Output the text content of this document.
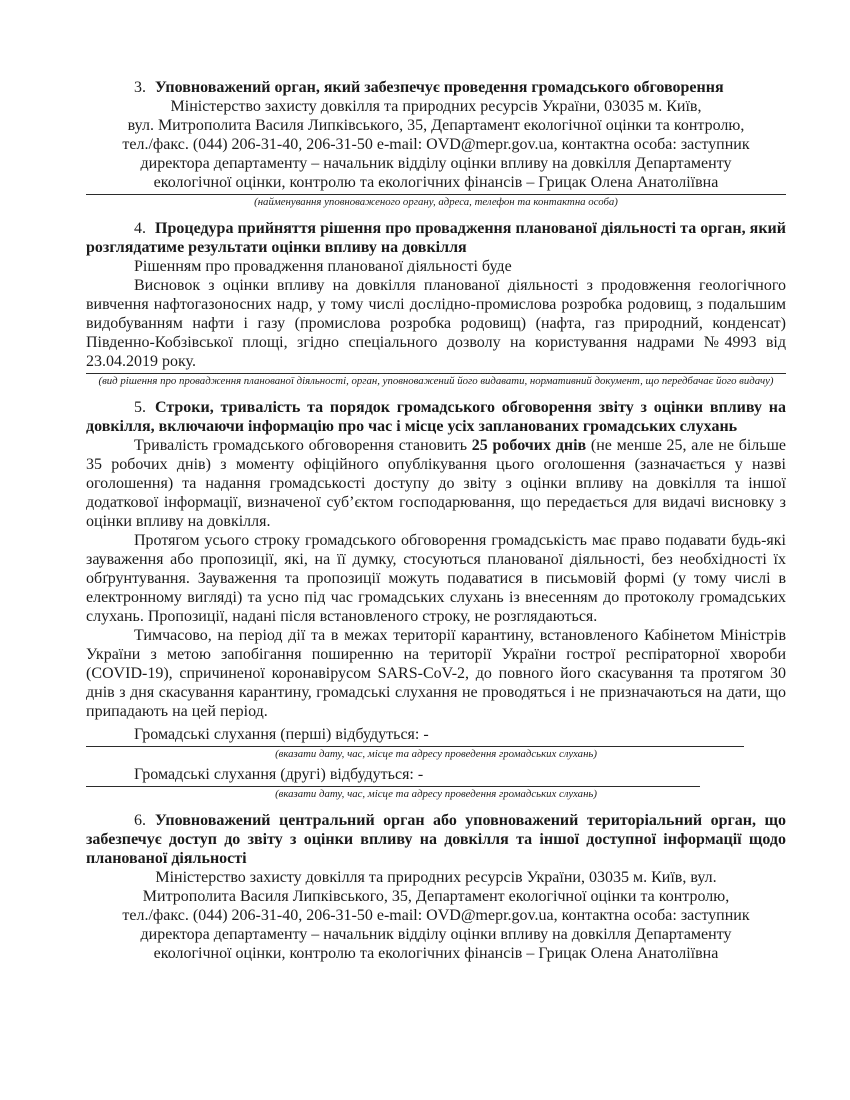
3. Уповноважений орган, який забезпечує проведення громадського обговорення

Міністерство захисту довкілля та природних ресурсів України, 03035 м. Київ,

вул. Митрополита Василя Липківського, 35, Департамент екологічної оцінки та контролю,

тел./факс. (044) 206-31-40, 206-31-50 e-mail: OVD@mepr.gov.ua, контактна особа: заступник

директора департаменту – начальник відділу оцінки впливу на довкілля Департаменту

екологічної оцінки, контролю та екологічних фінансів – Грицак Олена Анатоліївна

(найменування уповноваженого органу, адреса, телефон та контактна особа)

4. Процедура прийняття рішення про провадження планованої діяльності та орган, який розглядатиме результати оцінки впливу на довкілля

Рішенням про провадження планованої діяльності буде

Висновок з оцінки впливу на довкілля планованої діяльності з продовження геологічного вивчення нафтогазоносних надр, у тому числі дослідно-промислова розробка родовищ, з подальшим видобуванням нафти і газу (промислова розробка родовищ) (нафта, газ природний, конденсат) Південно-Кобзівської площі, згідно спеціального дозволу на користування надрами №4993 від 23.04.2019 року.

(вид рішення про провадження планованої діяльності, орган, уповноважений його видавати, нормативний документ, що передбачає його видачу)

5. Строки, тривалість та порядок громадського обговорення звіту з оцінки впливу на довкілля, включаючи інформацію про час і місце усіх запланованих громадських слухань

Тривалість громадського обговорення становить 25 робочих днів (не менше 25, але не більше 35 робочих днів) з моменту офіційного опублікування цього оголошення (зазначається у назві оголошення) та надання громадськості доступу до звіту з оцінки впливу на довкілля та іншої додаткової інформації, визначеної суб’єктом господарювання, що передається для видачі висновку з оцінки впливу на довкілля.

Протягом усього строку громадського обговорення громадськість має право подавати будь-які зауваження або пропозиції, які, на її думку, стосуються планованої діяльності, без необхідності їх обґрунтування. Зауваження та пропозиції можуть подаватися в письмовій формі (у тому числі в електронному вигляді) та усно під час громадських слухань із внесенням до протоколу громадських слухань. Пропозиції, надані після встановленого строку, не розглядаються.

Тимчасово, на період дії та в межах території карантину, встановленого Кабінетом Міністрів України з метою запобігання поширенню на території України гострої респіраторної хвороби (COVID-19), спричиненої коронавірусом SARS-CoV-2, до повного його скасування та протягом 30 днів з дня скасування карантину, громадські слухання не проводяться і не призначаються на дати, що припадають на цей період.

Громадські слухання (перші) відбудуться: -

(вказати дату, час, місце та адресу проведення громадських слухань)

Громадські слухання (другі) відбудуться: -

(вказати дату, час, місце та адресу проведення громадських слухань)

6. Уповноважений центральний орган або уповноважений територіальний орган, що забезпечує доступ до звіту з оцінки впливу на довкілля та іншої доступної інформації щодо планованої діяльності

Міністерство захисту довкілля та природних ресурсів України, 03035 м. Київ, вул.

Митрополита Василя Липківського, 35, Департамент екологічної оцінки та контролю,

тел./факс. (044) 206-31-40, 206-31-50 e-mail: OVD@mepr.gov.ua, контактна особа: заступник

директора департаменту – начальник відділу оцінки впливу на довкілля Департаменту

екологічної оцінки, контролю та екологічних фінансів – Грицак Олена Анатоліївна
